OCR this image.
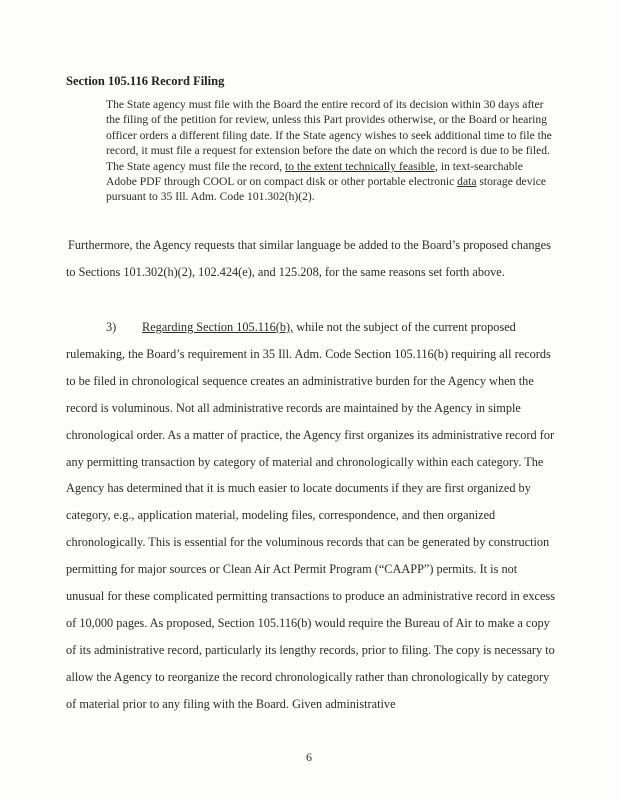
Section 105.116 Record Filing

The State agency must file with the Board the entire record of its decision within 30 days after the filing of the petition for review, unless this Part provides otherwise, or the Board or hearing officer orders a different filing date. If the State agency wishes to seek additional time to file the record, it must file a request for extension before the date on which the record is due to be filed. The State agency must file the record, to the extent technically feasible, in text-searchable Adobe PDF through COOL or on compact disk or other portable electronic data storage device pursuant to 35 Ill. Adm. Code 101.302(h)(2).

Furthermore, the Agency requests that similar language be added to the Board’s proposed changes to Sections 101.302(h)(2), 102.424(e), and 125.208, for the same reasons set forth above.

3) Regarding Section 105.116(b), while not the subject of the current proposed rulemaking, the Board’s requirement in 35 Ill. Adm. Code Section 105.116(b) requiring all records to be filed in chronological sequence creates an administrative burden for the Agency when the record is voluminous. Not all administrative records are maintained by the Agency in simple chronological order. As a matter of practice, the Agency first organizes its administrative record for any permitting transaction by category of material and chronologically within each category. The Agency has determined that it is much easier to locate documents if they are first organized by category, e.g., application material, modeling files, correspondence, and then organized chronologically. This is essential for the voluminous records that can be generated by construction permitting for major sources or Clean Air Act Permit Program (“CAAPP”) permits. It is not unusual for these complicated permitting transactions to produce an administrative record in excess of 10,000 pages. As proposed, Section 105.116(b) would require the Bureau of Air to make a copy of its administrative record, particularly its lengthy records, prior to filing. The copy is necessary to allow the Agency to reorganize the record chronologically rather than chronologically by category of material prior to any filing with the Board. Given administrative

6
